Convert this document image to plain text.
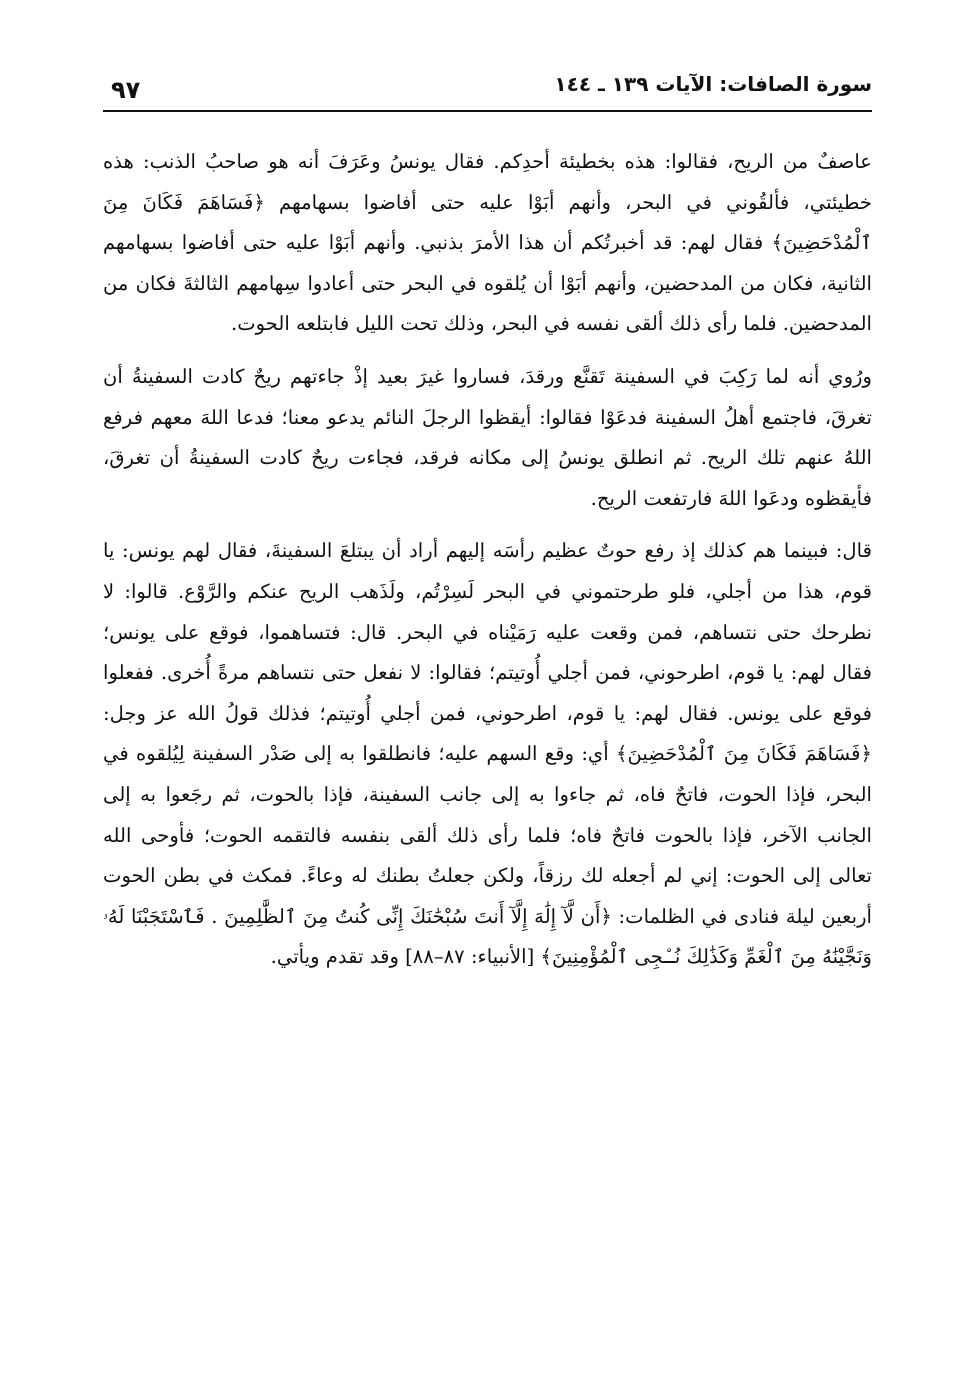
سورة الصافات: الآيات ١٣٩ ـ ١٤٤
٩٧

عاصفٌ من الريح، فقالوا: هذه بخطيئة أحدِكم. فقال يونسُ وعَرَفَ أنه هو صاحبُ الذنب: هذه خطيئتي، فألقُوني في البحر، وأنهم أبَوْا عليه حتى أفاضوا بسهامهم ﴿فَسَاهَمَ فَكَانَ مِنَ ٱلْمُدْحَضِينَ﴾ فقال لهم: قد أخبرتُكم أن هذا الأمرَ بذنبي. وأنهم أبَوْا عليه حتى أفاضوا بسهامهم الثانية، فكان من المدحضين، وأنهم أبَوْا أن يُلقوه في البحر حتى أعادوا سِهامهم الثالثةَ فكان من المدحضين. فلما رأى ذلك ألقى نفسه في البحر، وذلك تحت الليل فابتلعه الحوت.

ورُوي أنه لما رَكِبَ في السفينة تَقنَّع ورقدَ، فساروا غيرَ بعيد إذْ جاءتهم ريحٌ كادت السفينةُ أن تغرقَ، فاجتمع أهلُ السفينة فدعَوْا فقالوا: أيقظوا الرجلَ النائم يدعو معنا؛ فدعا اللهَ معهم فرفع اللهُ عنهم تلك الريح. ثم انطلق يونسُ إلى مكانه فرقد، فجاءت ريحٌ كادت السفينةُ أن تغرقَ، فأيقظوه ودعَوا اللهَ فارتفعت الريح.

قال: فبينما هم كذلك إذ رفع حوتٌ عظيم رأسَه إليهم أراد أن يبتلعَ السفينةَ، فقال لهم يونس: يا قوم، هذا من أجلي، فلو طرحتموني في البحر لَسِرْتُم، ولَذَهب الريح عنكم والرَّوْع. قالوا: لا نطرحك حتى نتساهم، فمن وقعت عليه رَمَيْناه في البحر. قال: فتساهموا، فوقع على يونس؛ فقال لهم: يا قوم، اطرحوني، فمن أجلي أُوتيتم؛ فقالوا: لا نفعل حتى نتساهم مرةً أُخرى. ففعلوا فوقع على يونس. فقال لهم: يا قوم، اطرحوني، فمن أجلي أُوتيتم؛ فذلك قولُ الله عز وجل: ﴿فَسَاهَمَ فَكَانَ مِنَ ٱلْمُدْحَضِينَ﴾ أي: وقع السهم عليه؛ فانطلقوا به إلى صَدْر السفينة لِيُلقوه في البحر، فإذا الحوت، فاتحٌ فاه، ثم جاءوا به إلى جانب السفينة، فإذا بالحوت، ثم رجَعوا به إلى الجانب الآخر، فإذا بالحوت فاتحٌ فاه؛ فلما رأى ذلك ألقى بنفسه فالتقمه الحوت؛ فأوحى الله تعالى إلى الحوت: إني لم أجعله لك رزقاً، ولكن جعلتُ بطنك له وعاءً. فمكث في بطن الحوت أربعين ليلة فنادى في الظلمات: ﴿أَن لَّآ إِلَٰهَ إِلَّآ أَنتَ سُبْحَٰنَكَ إِنِّى كُنتُ مِنَ ٱلظَّٰلِمِينَ . فَٱسْتَجَبْنَا لَهُۥ وَنَجَّيْنَٰهُ مِنَ ٱلْغَمِّ وَكَذَٰلِكَ نُـۨجِى ٱلْمُؤْمِنِينَ﴾ [الأنبياء: ٨٧–٨٨] وقد تقدم ويأتي.
